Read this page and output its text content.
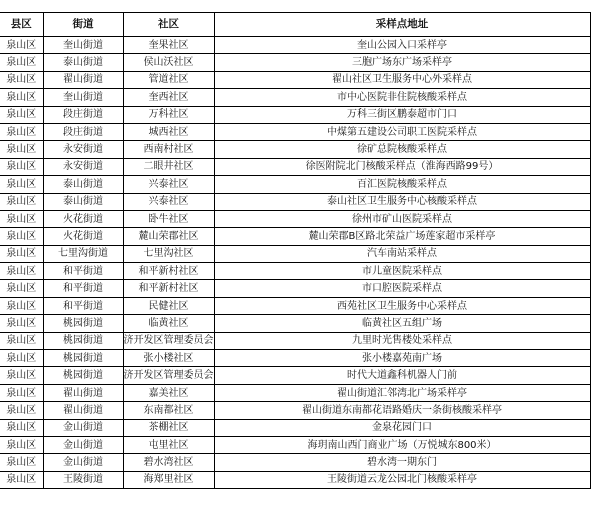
县区	街道	社区	采样点地址
泉山区	奎山街道	奎果社区	奎山公园入口采样亭
泉山区	泰山街道	侯山沃社区	三胞广场东广场采样亭
泉山区	翟山街道	管道社区	翟山社区卫生服务中心外采样点
泉山区	奎山街道	奎西社区	市中心医院非住院核酸采样点
泉山区	段庄街道	万科社区	万科三街区鹏泰超市门口
泉山区	段庄街道	城西社区	中煤第五建设公司职工医院采样点
泉山区	永安街道	西南村社区	徐矿总院核酸采样点
泉山区	永安街道	二眼井社区	徐医附院北门核酸采样点（淮海西路99号）
泉山区	泰山街道	兴泰社区	百汇医院核酸采样点
泉山区	泰山街道	兴泰社区	泰山社区卫生服务中心核酸采样点
泉山区	火花街道	卧牛社区	徐州市矿山医院采样点
泉山区	火花街道	麓山荣郡社区	麓山荣郡B区路北荣益广场莲家超市采样亭
泉山区	七里沟街道	七里沟社区	汽车南站采样点
泉山区	和平街道	和平新村社区	市儿童医院采样点
泉山区	和平街道	和平新村社区	市口腔医院采样点
泉山区	和平街道	民健社区	西苑社区卫生服务中心采样点
泉山区	桃园街道	临黄社区	临黄社区五组广场
泉山区	桃园街道	济开发区管理委员会	九里时光售楼处采样点
泉山区	桃园街道	张小楼社区	张小楼嘉苑南广场
泉山区	桃园街道	济开发区管理委员会	时代大道鑫科机器人门前
泉山区	翟山街道	嘉美社区	翟山街道汇邻湾北广场采样亭
泉山区	翟山街道	东南都社区	翟山街道东南都花语路婚庆一条街核酸采样亭
泉山区	金山街道	茶棚社区	金泉花园门口
泉山区	金山街道	屯里社区	海玥南山西门商业广场（万悦城东800米）
泉山区	金山街道	碧水湾社区	碧水湾一期东门
泉山区	王陵街道	海郑里社区	王陵街道云龙公园北门核酸采样亭
